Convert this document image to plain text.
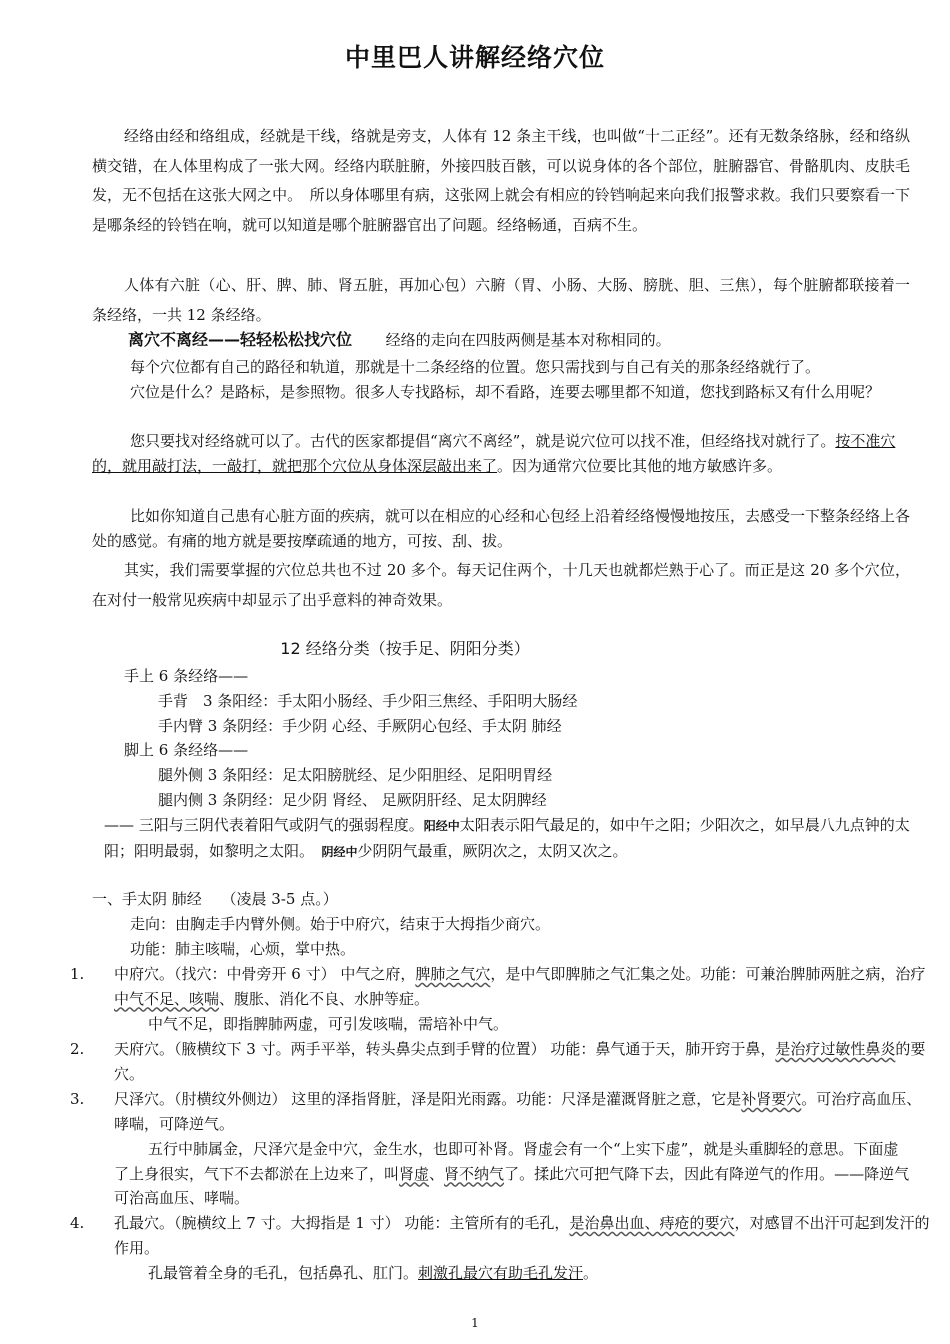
中里巴人讲解经络穴位

经络由经和络组成，经就是干线，络就是旁支，人体有 12 条主干线，也叫做“十二正经”。还有无数条络脉，经和络纵横交错，在人体里构成了一张大网。经络内联脏腑，外接四肢百骸，可以说身体的各个部位，脏腑器官、骨骼肌肉、皮肤毛发，无不包括在这张大网之中。　所以身体哪里有病，这张网上就会有相应的铃铛响起来向我们报警求救。我们只要察看一下是哪条经的铃铛在响，就可以知道是哪个脏腑器官出了问题。经络畅通，百病不生。

人体有六脏（心、肝、脾、肺、肾五脏，再加心包）六腑（胃、小肠、大肠、膀胱、胆、三焦），每个脏腑都联接着一条经络，一共 12 条经络。

离穴不离经——轻轻松松找穴位 经络的走向在四肢两侧是基本对称相同的。

每个穴位都有自己的路径和轨道，那就是十二条经络的位置。您只需找到与自己有关的那条经络就行了。

穴位是什么？是路标，是参照物。很多人专找路标，却不看路，连要去哪里都不知道，您找到路标又有什么用呢？

您只要找对经络就可以了。古代的医家都提倡“离穴不离经”，就是说穴位可以找不准，但经络找对就行了。按不准穴的，就用敲打法，一敲打，就把那个穴位从身体深层敲出来了。因为通常穴位要比其他的地方敏感许多。

比如你知道自己患有心脏方面的疾病，就可以在相应的心经和心包经上沿着经络慢慢地按压，去感受一下整条经络上各处的感觉。有痛的地方就是要按摩疏通的地方，可按、刮、拔。

其实，我们需要掌握的穴位总共也不过 20 多个。每天记住两个，十几天也就都烂熟于心了。而正是这 20 多个穴位，在对付一般常见疾病中却显示了出乎意料的神奇效果。

12 经络分类（按手足、阴阳分类）
手上 6 条经络——
手背　3 条阳经：手太阳小肠经、手少阳三焦经、手阳明大肠经
手内臂 3 条阴经：手少阴 心经、手厥阴心包经、手太阴 肺经
脚上 6 条经络——
腿外侧 3 条阳经：足太阳膀胱经、足少阳胆经、足阳明胃经
腿内侧 3 条阴经：足少阴 肾经、 足厥阴肝经、足太阴脾经

—— 三阳与三阴代表着阳气或阴气的强弱程度。阳经中太阳表示阳气最足的，如中午之阳；少阳次之，如早晨八九点钟的太阳；阳明最弱，如黎明之太阳。　 阴经中少阴阴气最重，厥阴次之，太阴又次之。

一、手太阴 肺经　 （凌晨 3-5 点。）
走向：由胸走手内臂外侧。始于中府穴，结束于大拇指少商穴。
功能：肺主咳喘，心烦，掌中热。

1. 中府穴。（找穴：中骨旁开 6 寸） 中气之府，脾肺之气穴，是中气即脾肺之气汇集之处。功能：可兼治脾肺两脏之病，治疗中气不足、咳喘、腹胀、消化不良、水肿等症。

中气不足，即指脾肺两虚，可引发咳喘，需培补中气。

2. 天府穴。（腋横纹下 3 寸。两手平举，转头鼻尖点到手臂的位置） 功能：鼻气通于天，肺开窍于鼻，是治疗过敏性鼻炎的要穴。

3. 尺泽穴。（肘横纹外侧边） 这里的泽指肾脏，泽是阳光雨露。功能：尺泽是灌溉肾脏之意，它是补肾要穴。可治疗高血压、哮喘，可降逆气。

五行中肺属金，尺泽穴是金中穴，金生水，也即可补肾。肾虚会有一个“上实下虚”，就是头重脚轻的意思。下面虚了上身很实，气下不去都淤在上边来了，叫肾虚、肾不纳气了。揉此穴可把气降下去，因此有降逆气的作用。——降逆气可治高血压、哮喘。

4. 孔最穴。（腕横纹上 7 寸。大拇指是 1 寸） 功能：主管所有的毛孔，是治鼻出血、痔疮的要穴，对感冒不出汗可起到发汗的作用。

孔最管着全身的毛孔，包括鼻孔、肛门。刺激孔最穴有助毛孔发汗。

1
